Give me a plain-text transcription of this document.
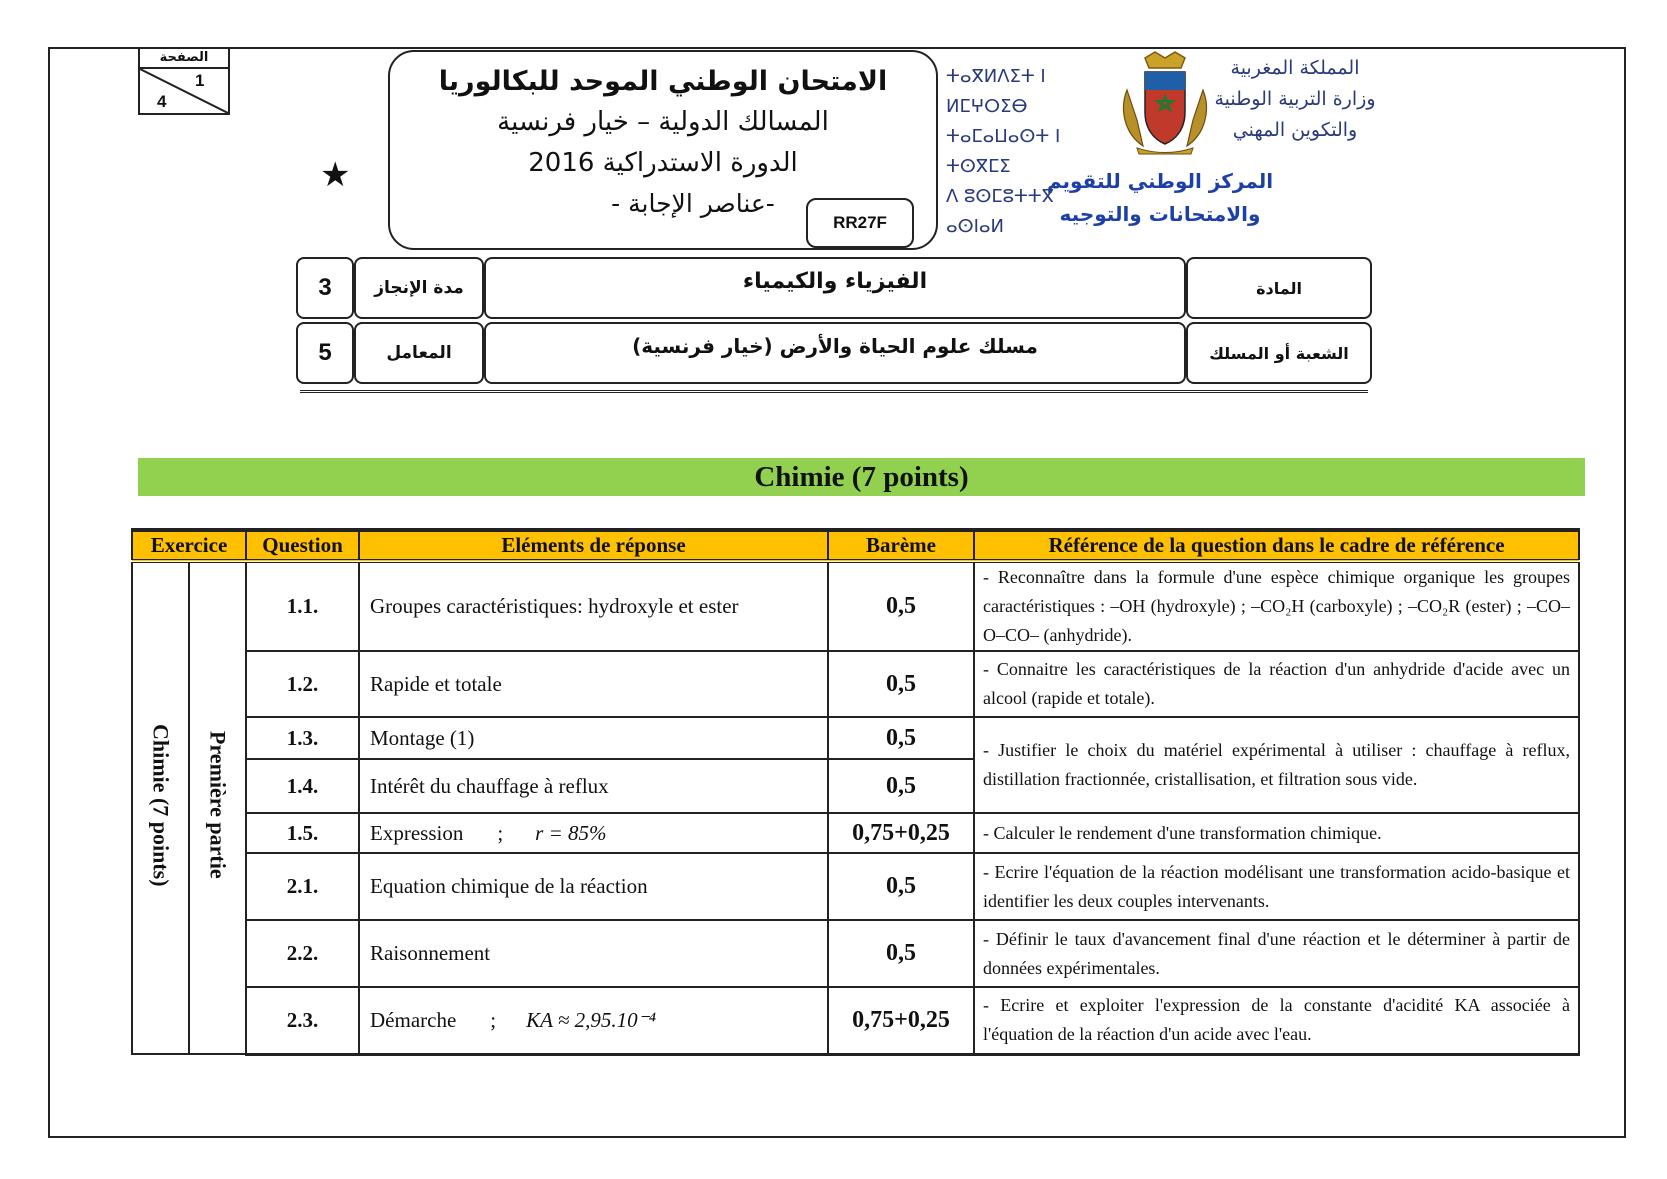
الصفحة
1
4
★
الامتحان الوطني الموحد للبكالوريا
المسالك الدولية – خيار فرنسية
الدورة الاستدراكية 2016
-عناصر الإجابة -
RR27F
ⵜⴰⴳⵍⴷⵉⵜ ⵏ ⵍⵎⵖⵔⵉⴱ
ⵜⴰⵎⴰⵡⴰⵙⵜ ⵏ ⵜⵙⴳⵎⵉ
ⴷ ⵓⵙⵎⵓⵜⵜⴳ ⴰⵙⵏⴰⵍ
المملكة المغربية
وزارة التربية الوطنية
والتكوين المهني
المركز الوطني للتقويم
والامتحانات والتوجيه
3	مدة الإنجاز	الفيزياء والكيمياء	المادة
5	المعامل	مسلك علوم الحياة والأرض (خيار فرنسية)	الشعبة أو المسلك
Chimie (7 points)
Exercice		Question	Eléments de réponse	Barème	Référence de la question dans le cadre de référence
Chimie (7 points)	Première partie	1.1.	Groupes caractéristiques: hydroxyle et ester	0,5	- Reconnaître dans la formule d'une espèce chimique organique les groupes caractéristiques : –OH (hydroxyle) ; –CO₂H (carboxyle) ; –CO₂R (ester) ; –CO–O–CO– (anhydride).
		1.2.	Rapide et totale	0,5	- Connaitre les caractéristiques de la réaction d'un anhydride d'acide avec un alcool (rapide et totale).
		1.3.	Montage (1)	0,5	- Justifier le choix du matériel expérimental à utiliser : chauffage à reflux, distillation fractionnée, cristallisation, et filtration sous vide.
		1.4.	Intérêt du chauffage à reflux	0,5	
		1.5.	Expression ; r = 85%	0,75+0,25	- Calculer le rendement d'une transformation chimique.
		2.1.	Equation chimique de la réaction	0,5	- Ecrire l'équation de la réaction modélisant une transformation acido-basique et identifier les deux couples intervenants.
		2.2.	Raisonnement	0,5	- Définir le taux d'avancement final d'une réaction et le déterminer à partir de données expérimentales.
		2.3.	Démarche ; KA ≈ 2,95.10⁻⁴	0,75+0,25	- Ecrire et exploiter l'expression de la constante d'acidité KA associée à l'équation de la réaction d'un acide avec l'eau.
